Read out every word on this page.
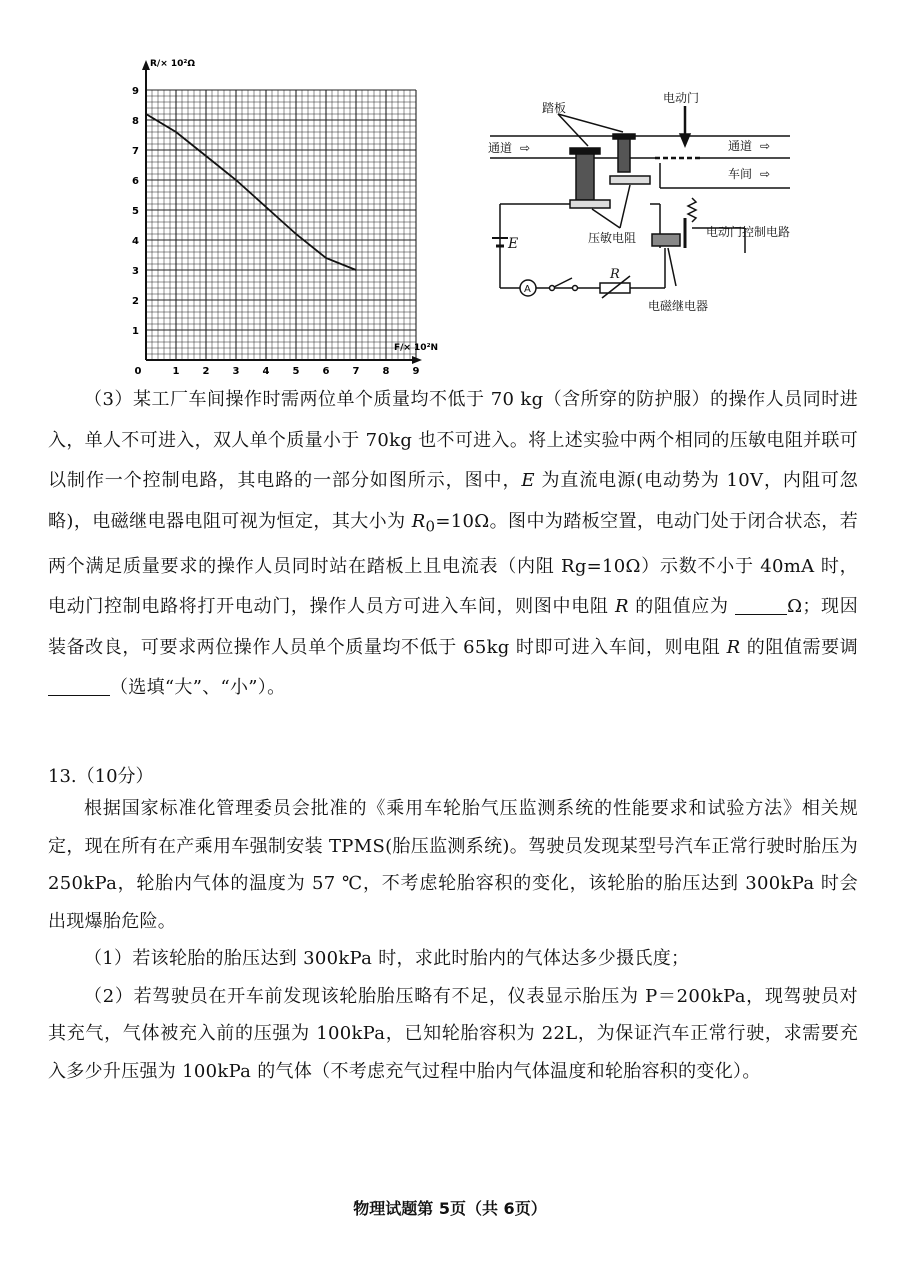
R/× 10²Ω
F/× 10²N
0	1 2 3 4 5 6 7 8 9
1
2
3
4
5
6
7
8
9
踏板
电动门
通道 ⇨	通道 ⇨
车间 ⇨
E	压敏电阻	电动门控制电路
A
R
电磁继电器

（3）某工厂车间操作时需两位单个质量均不低于 70 kg（含所穿的防护服）的操作人员同时进入，单人不可进入，双人单个质量小于 70kg 也不可进入。将上述实验中两个相同的压敏电阻并联可以制作一个控制电路，其电路的一部分如图所示，图中，E 为直流电源(电动势为 10V，内阻可忽略)，电磁继电器电阻可视为恒定，其大小为 $R_0=10\Omega$。图中为踏板空置，电动门处于闭合状态，若两个满足质量要求的操作人员同时站在踏板上且电流表（内阻 Rg=10Ω）示数不小于 40mA 时，电动门控制电路将打开电动门，操作人员方可进入车间，则图中电阻 R 的阻值应为	Ω；现因装备改良，可要求两位操作人员单个质量均不低于 65kg 时即可进入车间，则电阻 R 的阻值需要调（选填“大”、“小”）。

13.（10分）

根据国家标准化管理委员会批准的《乘用车轮胎气压监测系统的性能要求和试验方法》相关规定，现在所有在产乘用车强制安装 TPMS(胎压监测系统)。驾驶员发现某型号汽车正常行驶时胎压为 250kPa，轮胎内气体的温度为 57 ℃，不考虑轮胎容积的变化，该轮胎的胎压达到 300kPa 时会出现爆胎危险。

（1）若该轮胎的胎压达到 300kPa 时，求此时胎内的气体达多少摄氏度；

（2）若驾驶员在开车前发现该轮胎胎压略有不足，仪表显示胎压为 P＝200kPa，现驾驶员对其充气，气体被充入前的压强为 100kPa，已知轮胎容积为 22L，为保证汽车正常行驶，求需要充入多少升压强为 100kPa 的气体（不考虑充气过程中胎内气体温度和轮胎容积的变化）。

物理试题第 5页（共 6页）
